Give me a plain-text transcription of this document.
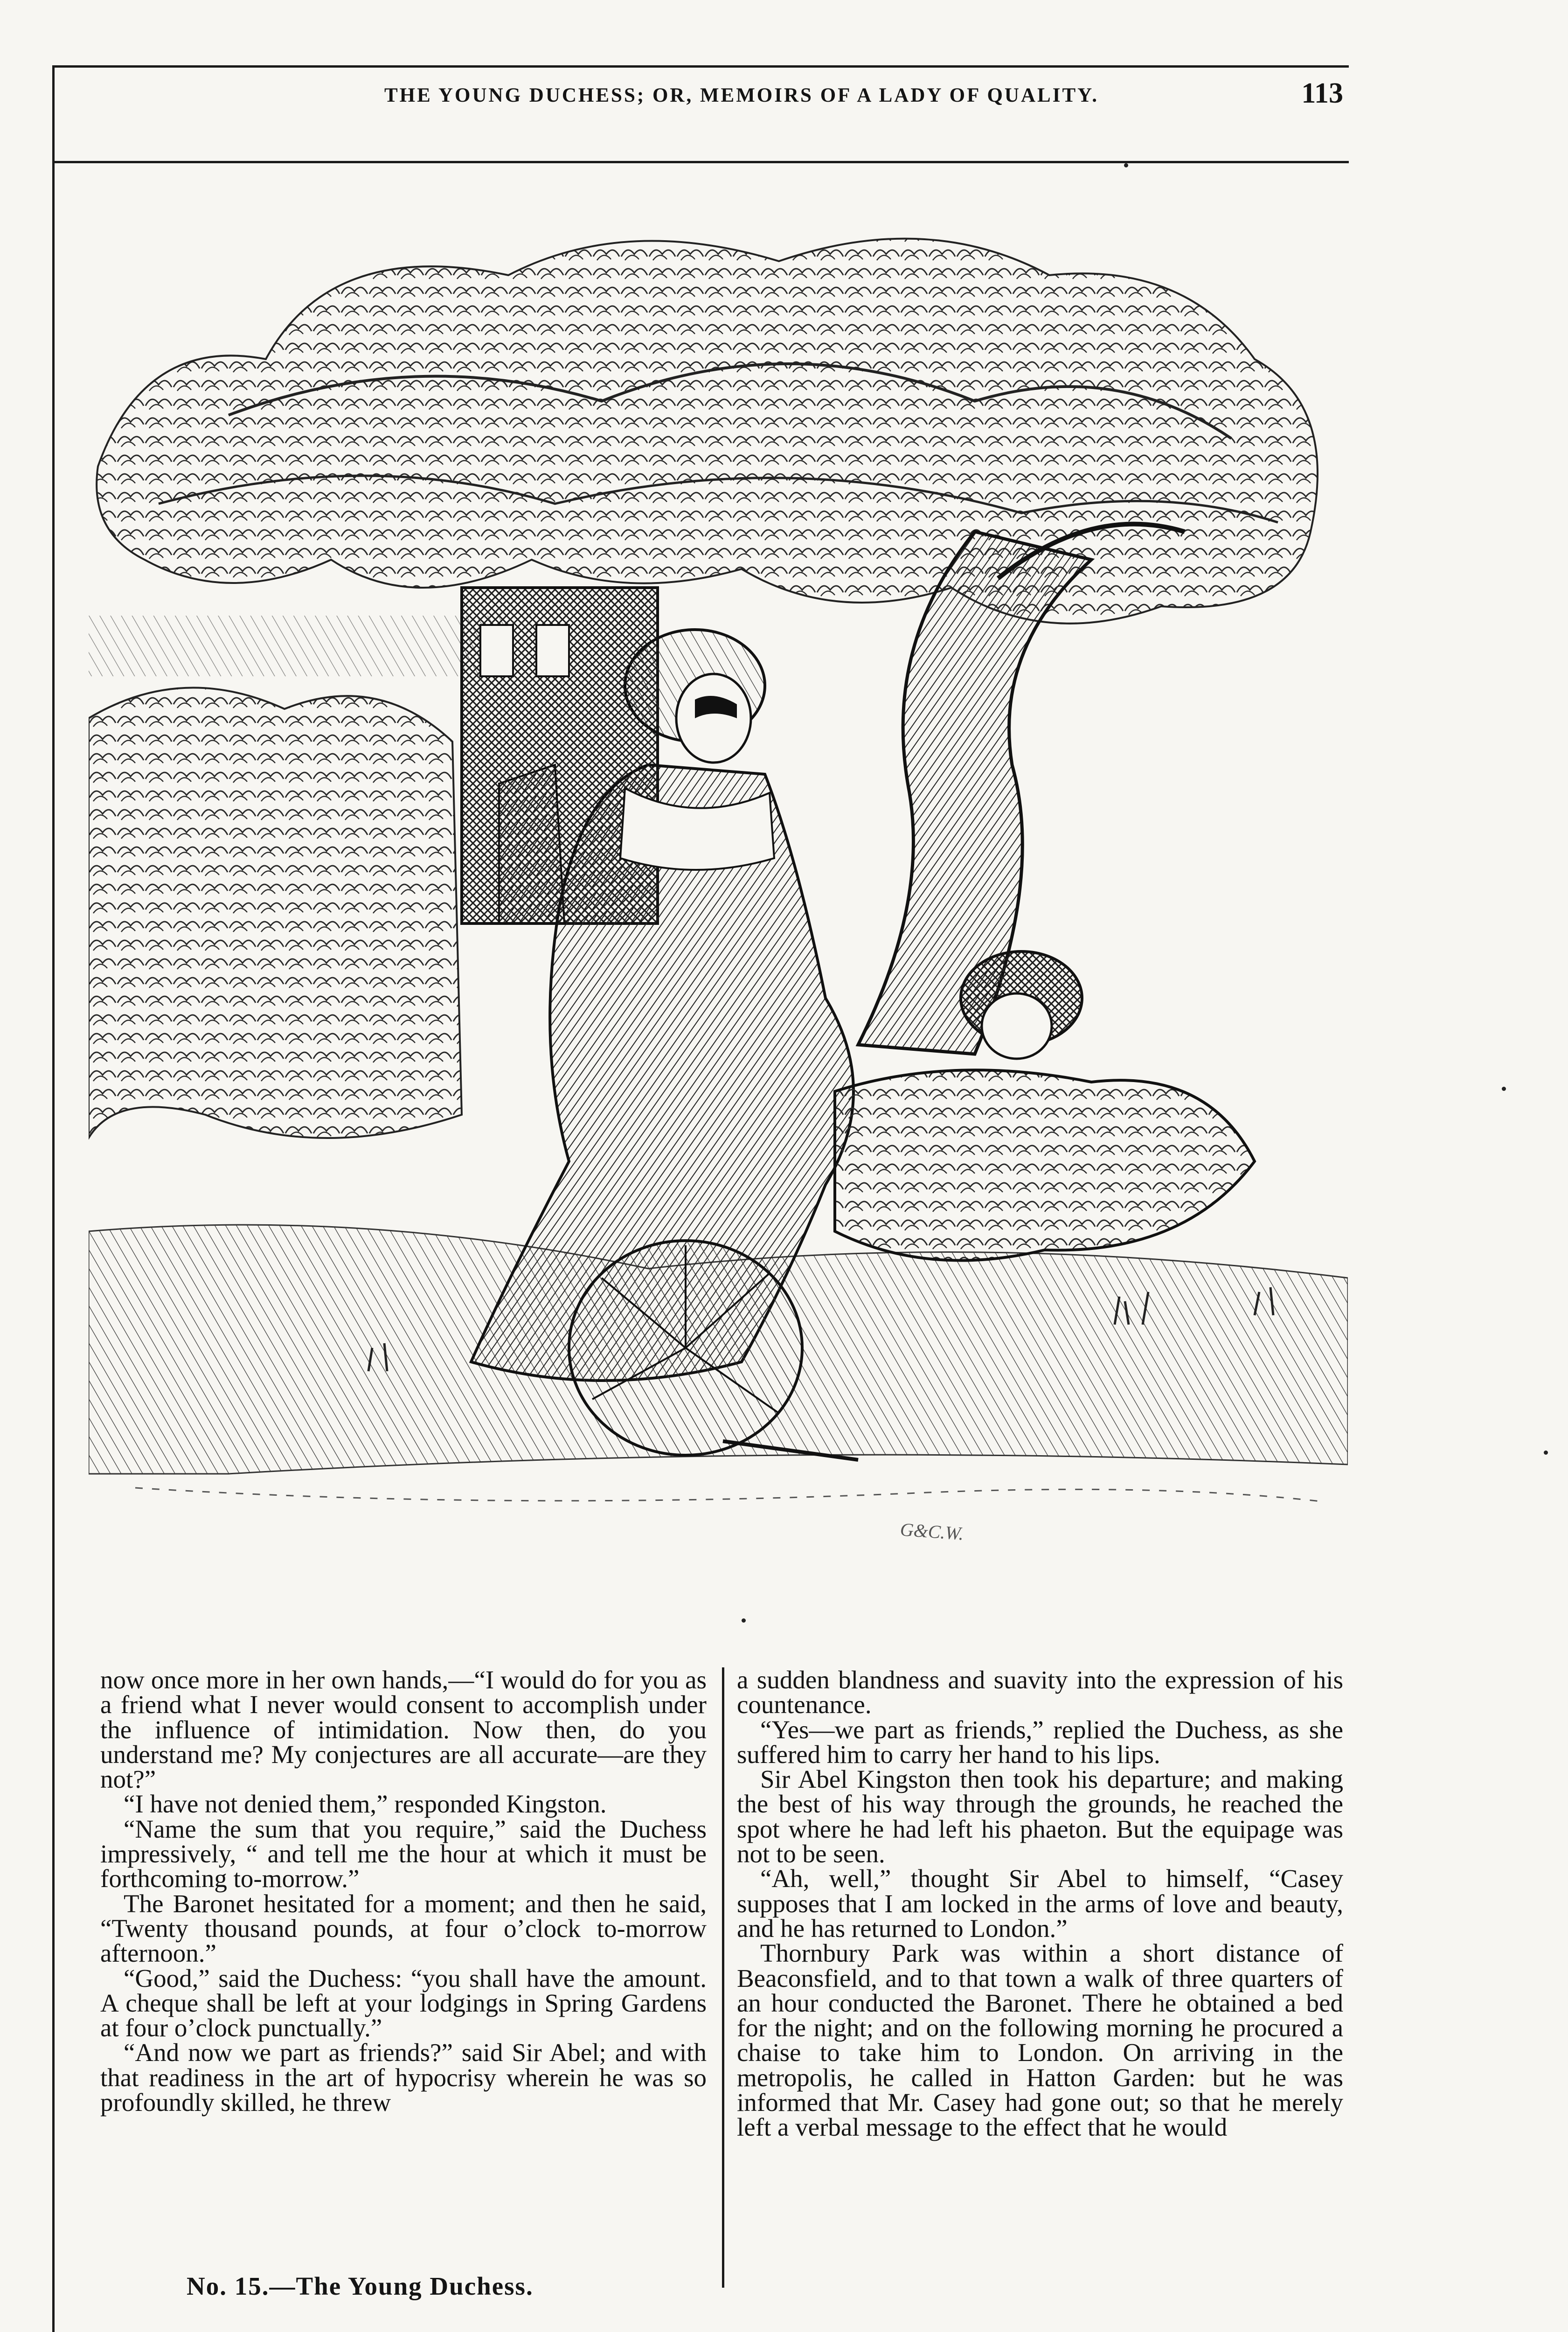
THE YOUNG DUCHESS; OR, MEMOIRS OF A LADY OF QUALITY.	113
G&C.W.

now once more in her own hands,—“I would do for you as a friend what I never would consent to accomplish under the influence of intimidation. Now then, do you understand me? My conjectures are all accurate—are they not?”

“I have not denied them,” responded Kingston.

“Name the sum that you require,” said the Duchess impressively, “ and tell me the hour at which it must be forthcoming to-morrow.”

The Baronet hesitated for a moment; and then he said, “Twenty thousand pounds, at four o’clock to-morrow afternoon.”

“Good,” said the Duchess: “you shall have the amount. A cheque shall be left at your lodgings in Spring Gardens at four o’clock punctually.”

“And now we part as friends?” said Sir Abel; and with that readiness in the art of hypocrisy wherein he was so profoundly skilled, he threw

a sudden blandness and suavity into the expression of his countenance.

“Yes—we part as friends,” replied the Duchess, as she suffered him to carry her hand to his lips.

Sir Abel Kingston then took his departure; and making the best of his way through the grounds, he reached the spot where he had left his phaeton. But the equipage was not to be seen.

“Ah, well,” thought Sir Abel to himself, “Casey supposes that I am locked in the arms of love and beauty, and he has returned to London.”

Thornbury Park was within a short distance of Beaconsfield, and to that town a walk of three quarters of an hour conducted the Baronet. There he obtained a bed for the night; and on the following morning he procured a chaise to take him to London. On arriving in the metropolis, he called in Hatton Garden: but he was informed that Mr. Casey had gone out; so that he merely left a verbal message to the effect that he would

No. 15.—The Young Duchess.
